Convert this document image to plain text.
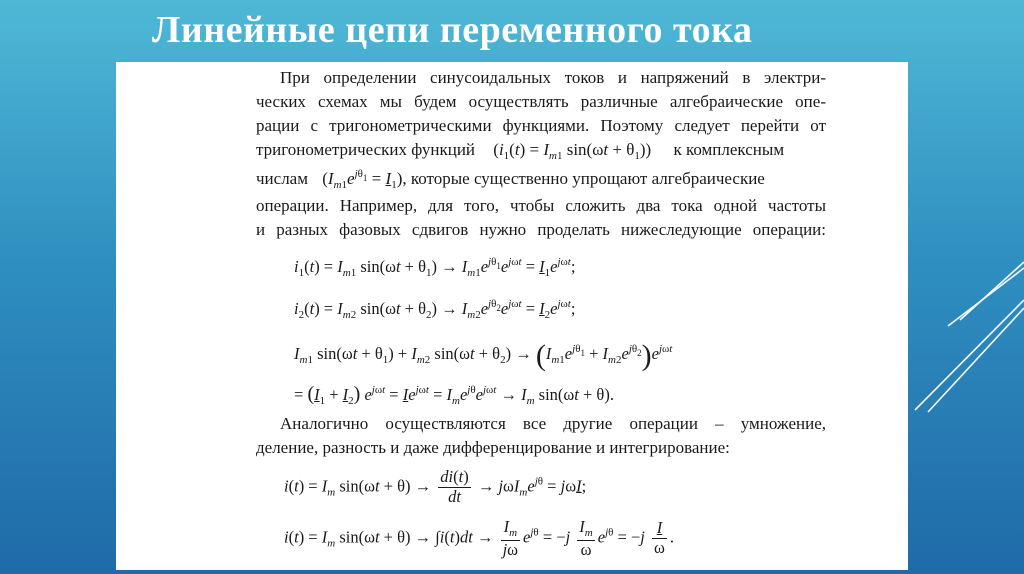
Линейные цепи переменного тока
При определении синусоидальных токов и напряжений в электри-
ческих схемах мы будем осуществлять различные алгебраические опе-
рации с тригонометрическими функциями. Поэтому следует перейти от
тригонометрических функций ($i_1(t) = I_{m1}$ $\sin(\omega t + \theta_1)$) к комплексным
числам $(I_{m1}e^{j\theta_1} = I_1)$, которые существенно упрощают алгебраические
операции. Например, для того, чтобы сложить два тока одной частоты
и разных фазовых сдвигов нужно проделать нижеследующие операции:
$i_1(t) = I_{m1}$ $\sin(\omega t + \theta_1) \to I_{m1}e^{j\theta_1}e^{j\omega t} = I_1e^{j\omega t}$;
$i_2(t) = I_{m2}$ $\sin(\omega t + \theta_2) \to I_{m2}e^{j\theta_2}e^{j\omega t} = I_2e^{j\omega t}$;
$I_{m1}$ $\sin(\omega t + \theta_1) + I_{m2}$ $\sin(\omega t + \theta_2) \to (I_{m1}e^{j\theta_1} + I_{m2}e^{j\theta_2})e^{j\omega t}$
= $(I_1 + I_2) e^{j\omega t} = Ie^{j\omega t} = I_me^{j\theta}e^{j\omega t} \to I_m$ sin(ωt + θ).
Аналогично осуществляются все другие операции – умножение,
деление, разность и даже дифференцирование и интегрирование:
$i(t) = I_m$ $\sin(\omega t + \theta) \to \frac{di(t)}{dt} \to j\omega I_me^{j\theta} = j\omega I$;
$i(t) = I_m$ $\sin(\omega t + \theta) \to \int i(t)dt \to \frac{I_m}{j\omega} e^{j\theta} = -j \frac{I_m}{\omega} e^{j\theta} = -j \frac{I}{\omega}$ .
